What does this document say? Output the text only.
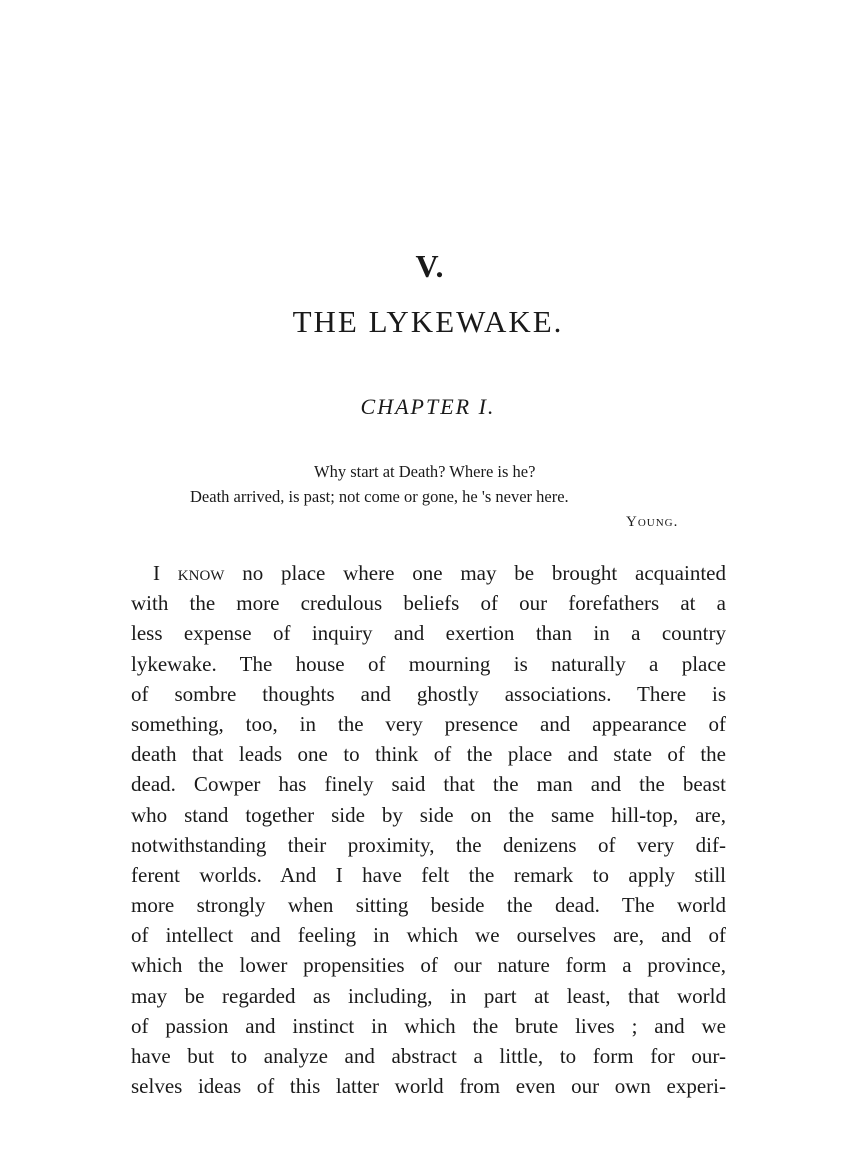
V.
THE LYKEWAKE.
CHAPTER I.
Why start at Death? Where is he?
Death arrived, is past; not come or gone, he 's never here.
Young.
I know no place where one may be brought acquainted
with the more credulous beliefs of our forefathers at a
less expense of inquiry and exertion than in a country
lykewake. The house of mourning is naturally a place
of sombre thoughts and ghostly associations. There is
something, too, in the very presence and appearance of
death that leads one to think of the place and state of the
dead. Cowper has finely said that the man and the beast
who stand together side by side on the same hill-top, are,
notwithstanding their proximity, the denizens of very dif-
ferent worlds. And I have felt the remark to apply still
more strongly when sitting beside the dead. The world
of intellect and feeling in which we ourselves are, and of
which the lower propensities of our nature form a province,
may be regarded as including, in part at least, that world
of passion and instinct in which the brute lives ; and we
have but to analyze and abstract a little, to form for our-
selves ideas of this latter world from even our own experi-
